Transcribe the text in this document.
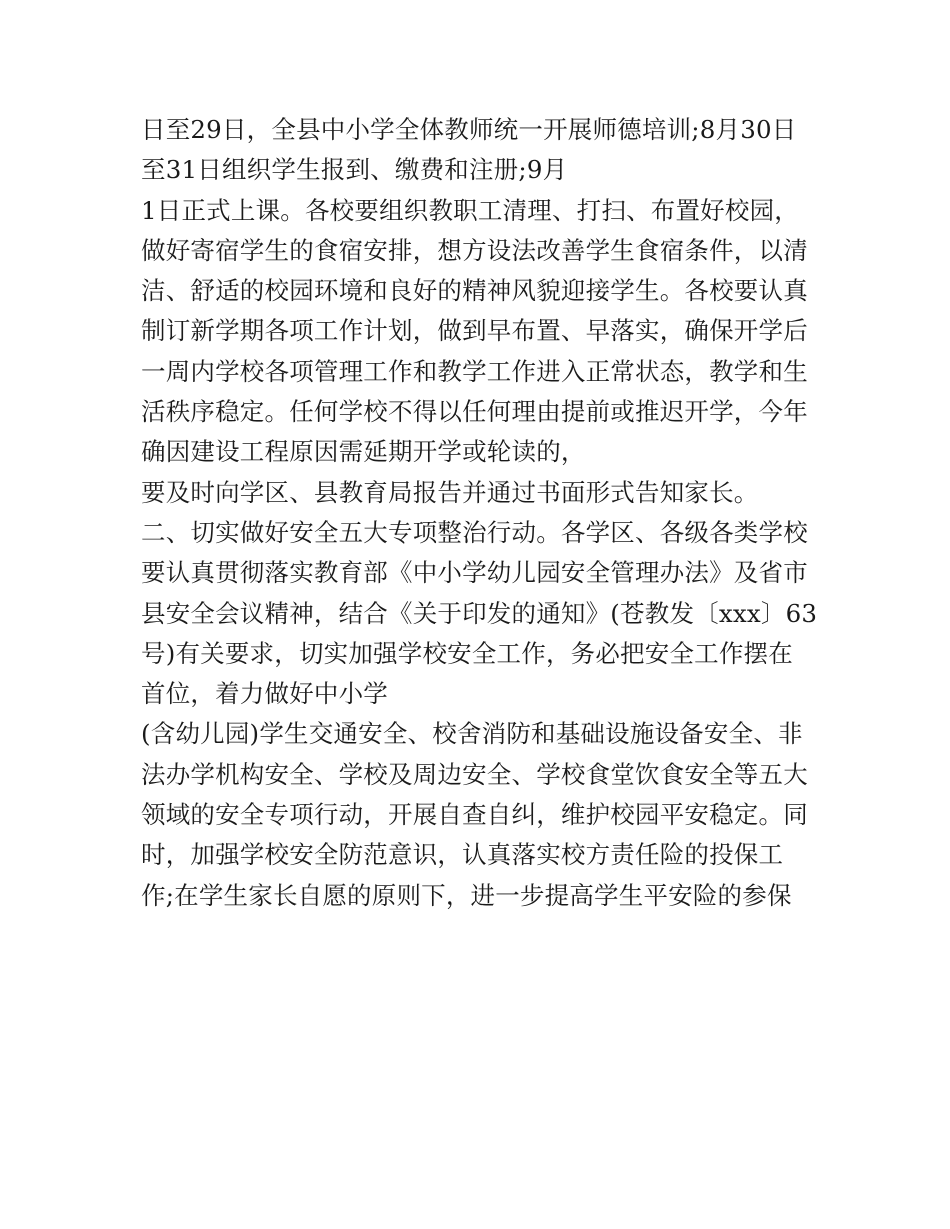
日至29日，全县中小学全体教师统一开展师德培训;8月30日
至31日组织学生报到、缴费和注册;9月
1日正式上课。各校要组织教职工清理、打扫、布置好校园，
做好寄宿学生的食宿安排，想方设法改善学生食宿条件，以清
洁、舒适的校园环境和良好的精神风貌迎接学生。各校要认真
制订新学期各项工作计划，做到早布置、早落实，确保开学后
一周内学校各项管理工作和教学工作进入正常状态，教学和生
活秩序稳定。任何学校不得以任何理由提前或推迟开学，今年
确因建设工程原因需延期开学或轮读的，
要及时向学区、县教育局报告并通过书面形式告知家长。
二、切实做好安全五大专项整治行动。各学区、各级各类学校
要认真贯彻落实教育部《中小学幼儿园安全管理办法》及省市
县安全会议精神，结合《关于印发的通知》(苍教发〔xxx〕63
号)有关要求，切实加强学校安全工作，务必把安全工作摆在
首位，着力做好中小学
(含幼儿园)学生交通安全、校舍消防和基础设施设备安全、非
法办学机构安全、学校及周边安全、学校食堂饮食安全等五大
领域的安全专项行动，开展自查自纠，维护校园平安稳定。同
时，加强学校安全防范意识，认真落实校方责任险的投保工
作;在学生家长自愿的原则下，进一步提高学生平安险的参保
